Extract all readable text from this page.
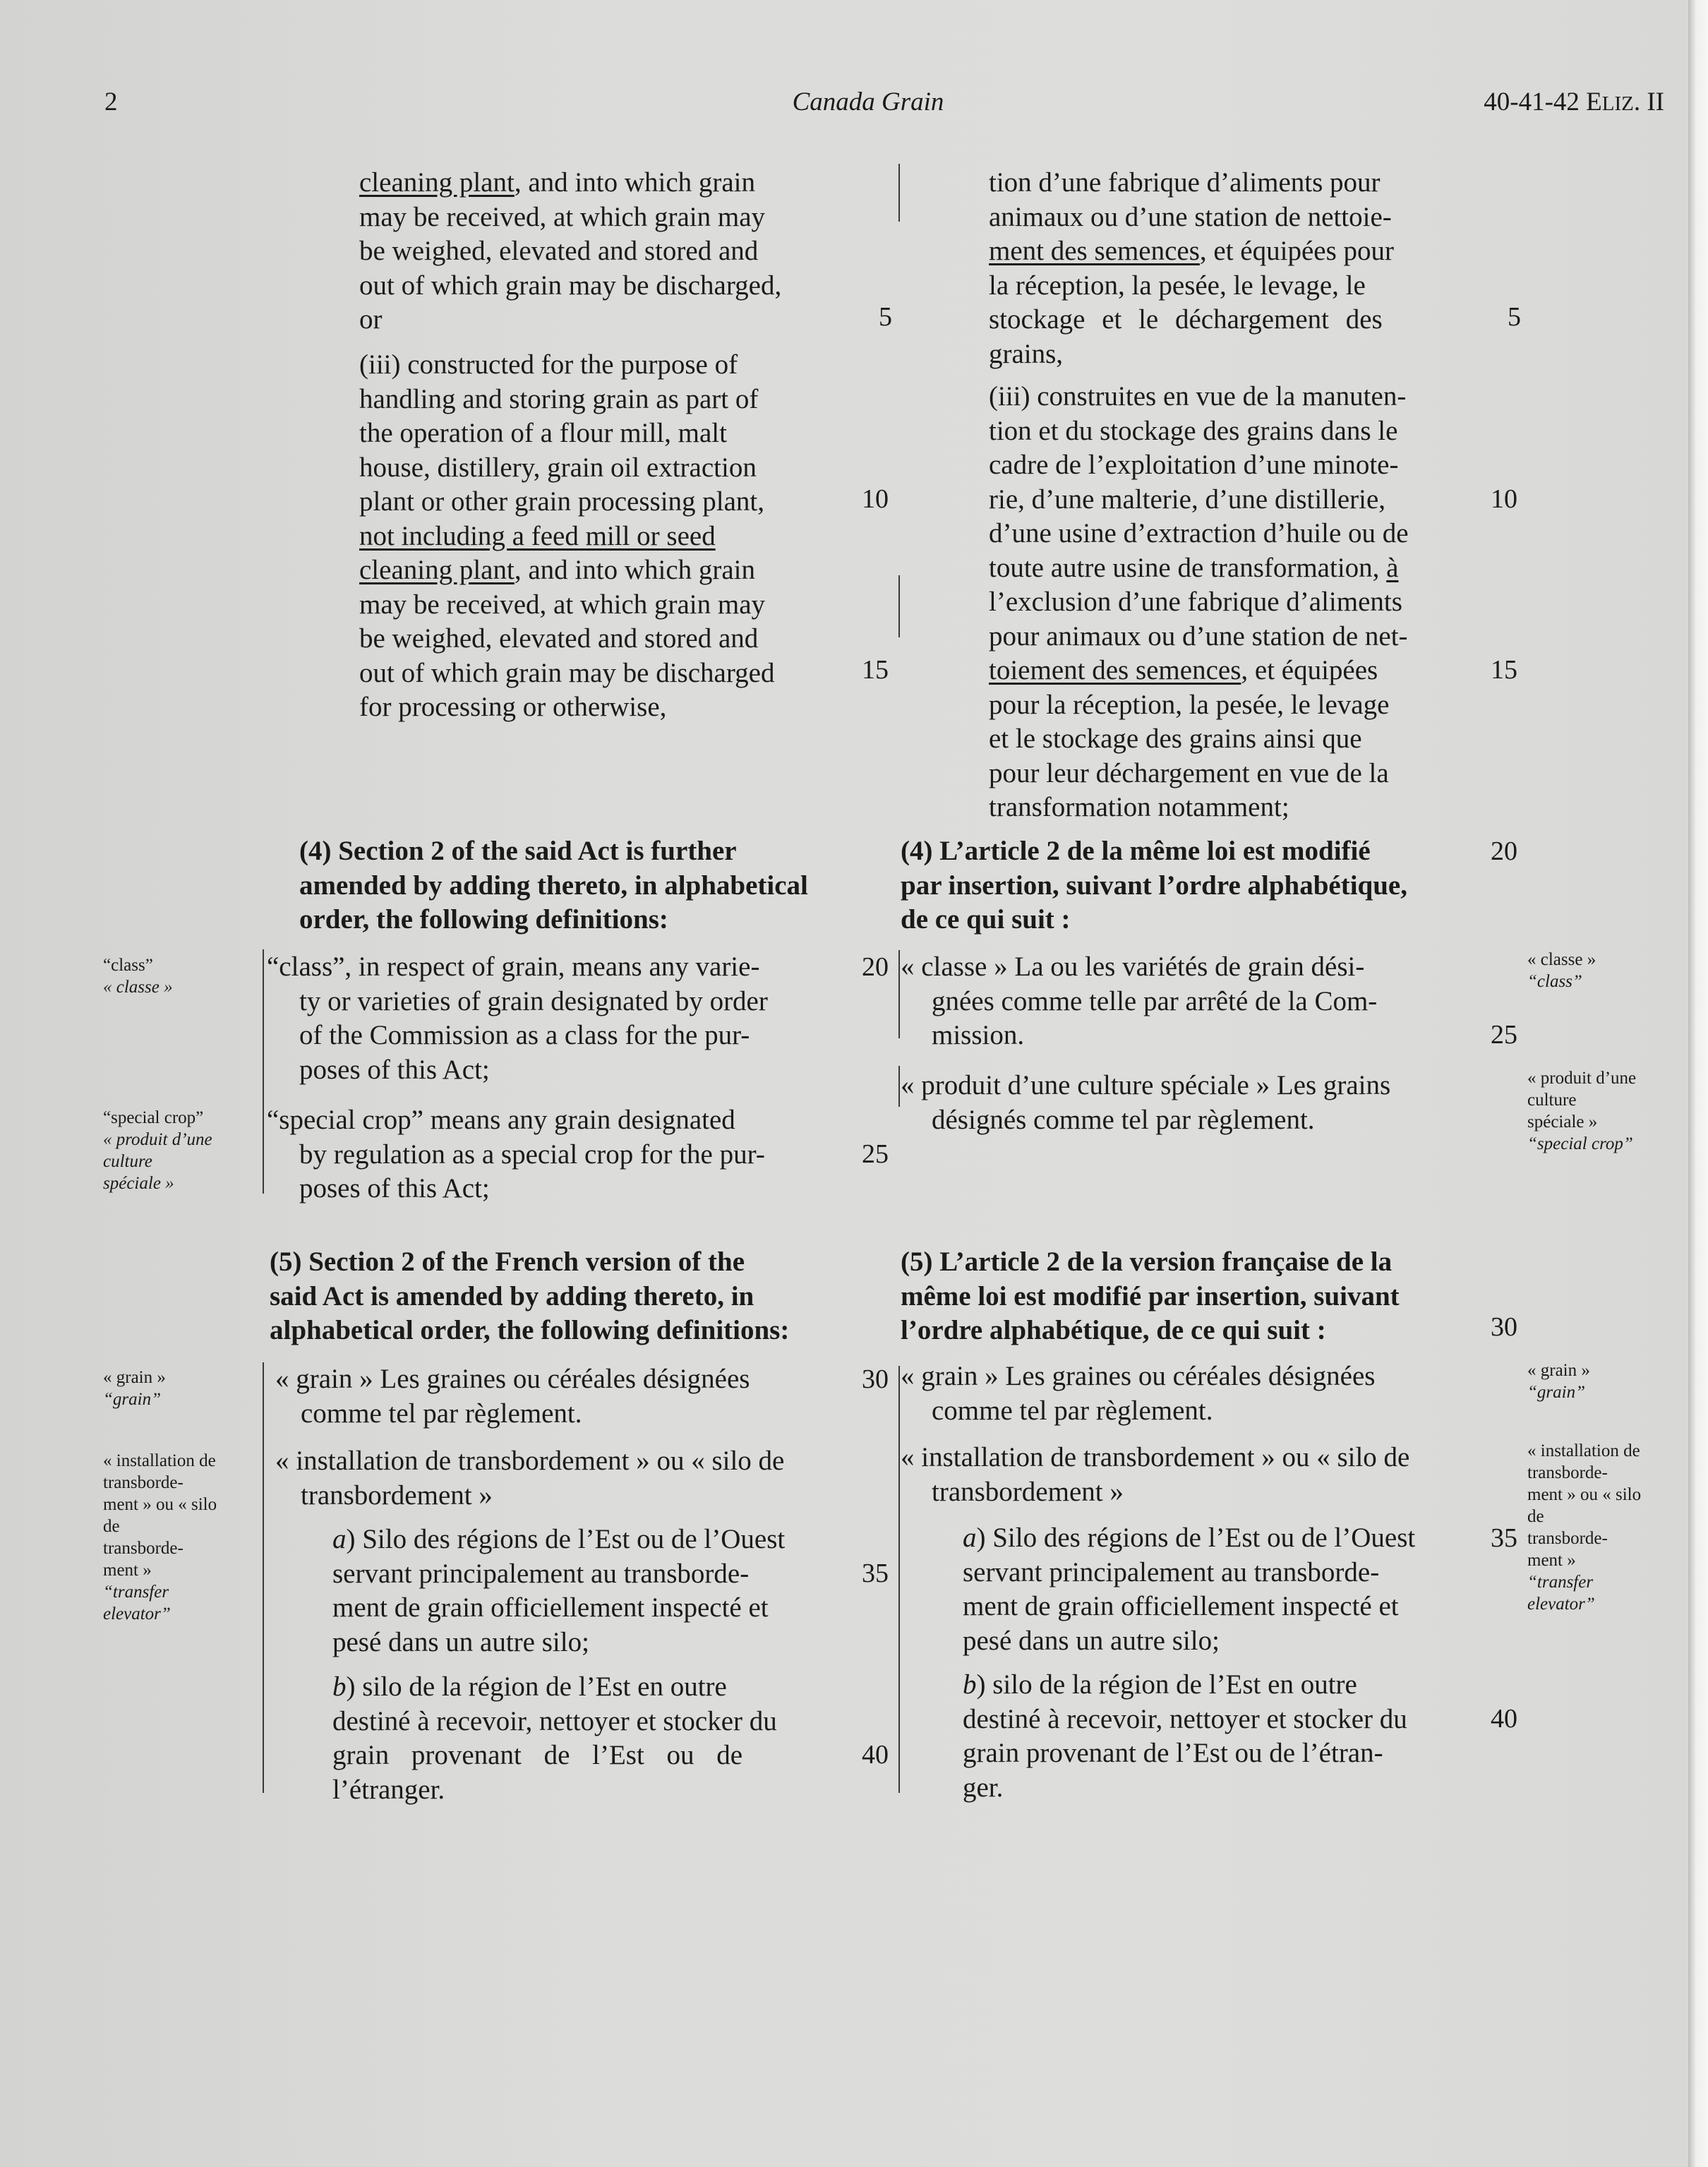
2	Canada Grain	40-41-42 ELIZ. II
cleaning plant, and into which grain
may be received, at which grain may
be weighed, elevated and stored and
out of which grain may be discharged,
or
(iii) constructed for the purpose of
handling and storing grain as part of
the operation of a flour mill, malt
house, distillery, grain oil extraction
plant or other grain processing plant,
not including a feed mill or seed
cleaning plant, and into which grain
may be received, at which grain may
be weighed, elevated and stored and
out of which grain may be discharged
for processing or otherwise,
(4) Section 2 of the said Act is further
amended by adding thereto, in alphabetical
order, the following definitions:
“class”, in respect of grain, means any varie-
ty or varieties of grain designated by order
of the Commission as a class for the pur-
poses of this Act;
“special crop” means any grain designated
by regulation as a special crop for the pur-
poses of this Act;
(5) Section 2 of the French version of the
said Act is amended by adding thereto, in
alphabetical order, the following definitions:
« grain » Les graines ou céréales désignées
comme tel par règlement.
« installation de transbordement » ou « silo de
transbordement »
a) Silo des régions de l’Est ou de l’Ouest
servant principalement au transborde-
ment de grain officiellement inspecté et
pesé dans un autre silo;
b) silo de la région de l’Est en outre
destiné à recevoir, nettoyer et stocker du
grain provenant de l’Est ou de
l’étranger.
5
10
15
20
25
30
35
40
tion d’une fabrique d’aliments pour
animaux ou d’une station de nettoie-
ment des semences, et équipées pour
la réception, la pesée, le levage, le
stockage et le déchargement des
grains,
(iii) construites en vue de la manuten-
tion et du stockage des grains dans le
cadre de l’exploitation d’une minote-
rie, d’une malterie, d’une distillerie,
d’une usine d’extraction d’huile ou de
toute autre usine de transformation, à
l’exclusion d’une fabrique d’aliments
pour animaux ou d’une station de net-
toiement des semences, et équipées
pour la réception, la pesée, le levage
et le stockage des grains ainsi que
pour leur déchargement en vue de la
transformation notamment;
(4) L’article 2 de la même loi est modifié
par insertion, suivant l’ordre alphabétique,
de ce qui suit :
« classe » La ou les variétés de grain dési-
gnées comme telle par arrêté de la Com-
mission.
« produit d’une culture spéciale » Les grains
désignés comme tel par règlement.
(5) L’article 2 de la version française de la
même loi est modifié par insertion, suivant
l’ordre alphabétique, de ce qui suit :
« grain » Les graines ou céréales désignées
comme tel par règlement.
« installation de transbordement » ou « silo de
transbordement »
a) Silo des régions de l’Est ou de l’Ouest
servant principalement au transborde-
ment de grain officiellement inspecté et
pesé dans un autre silo;
b) silo de la région de l’Est en outre
destiné à recevoir, nettoyer et stocker du
grain provenant de l’Est ou de l’étran-
ger.
5
10
15
20
25
30
35
40
“class”
« classe »
“special crop”
« produit d’une
culture
spéciale »
« grain »
“grain”
« installation de
transborde-
ment » ou « silo
de
transborde-
ment »
“transfer
elevator”
« classe »
“class”
« produit d’une
culture
spéciale »
“special crop”
« grain »
“grain”
« installation de
transborde-
ment » ou « silo
de
transborde-
ment »
“transfer
elevator”
